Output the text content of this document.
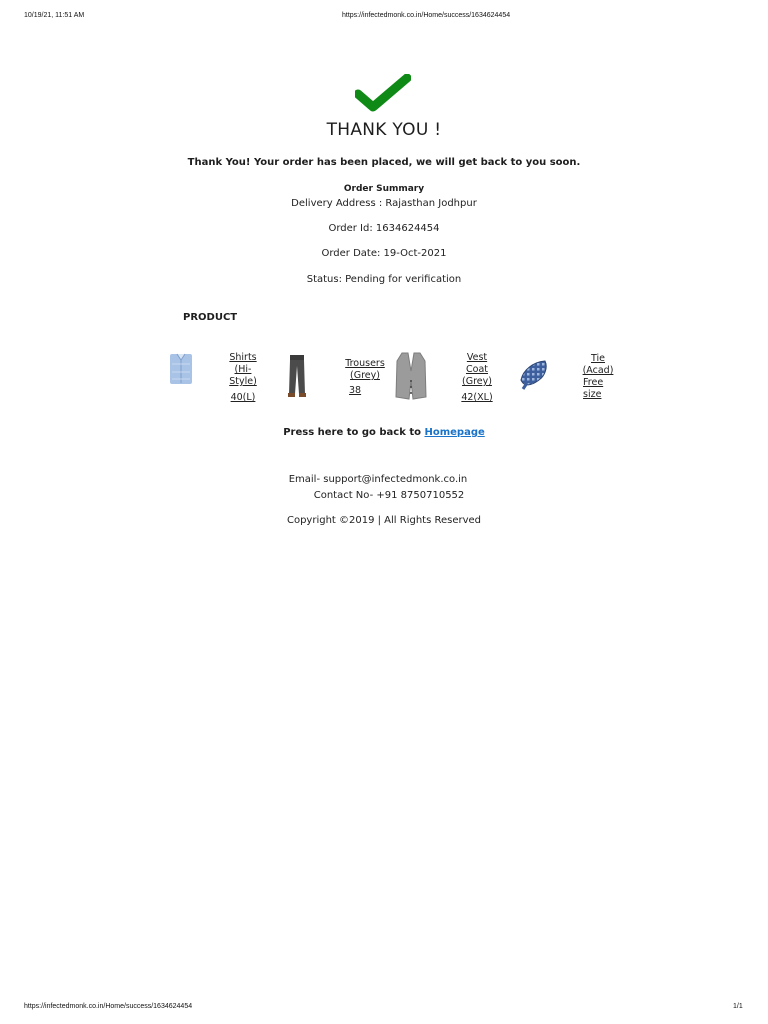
10/19/21, 11:51 AM	https://infectedmonk.co.in/Home/success/1634624454
THANK YOU !
Thank You! Your order has been placed, we will get back to you soon.
Order Summary
Delivery Address : Rajasthan Jodhpur
Order Id: 1634624454
Order Date: 19-Oct-2021
Status: Pending for verification
PRODUCT
Shirts
(Hi-
Style)
40(L)
Trousers
(Grey)
38
Vest
Coat
(Grey)
42(XL)
Tie
(Acad)
Free
size
Press here to go back to Homepage
Email- support@infectedmonk.co.in
Contact No- +91 8750710552
Copyright ©2019 | All Rights Reserved
https://infectedmonk.co.in/Home/success/1634624454	1/1
